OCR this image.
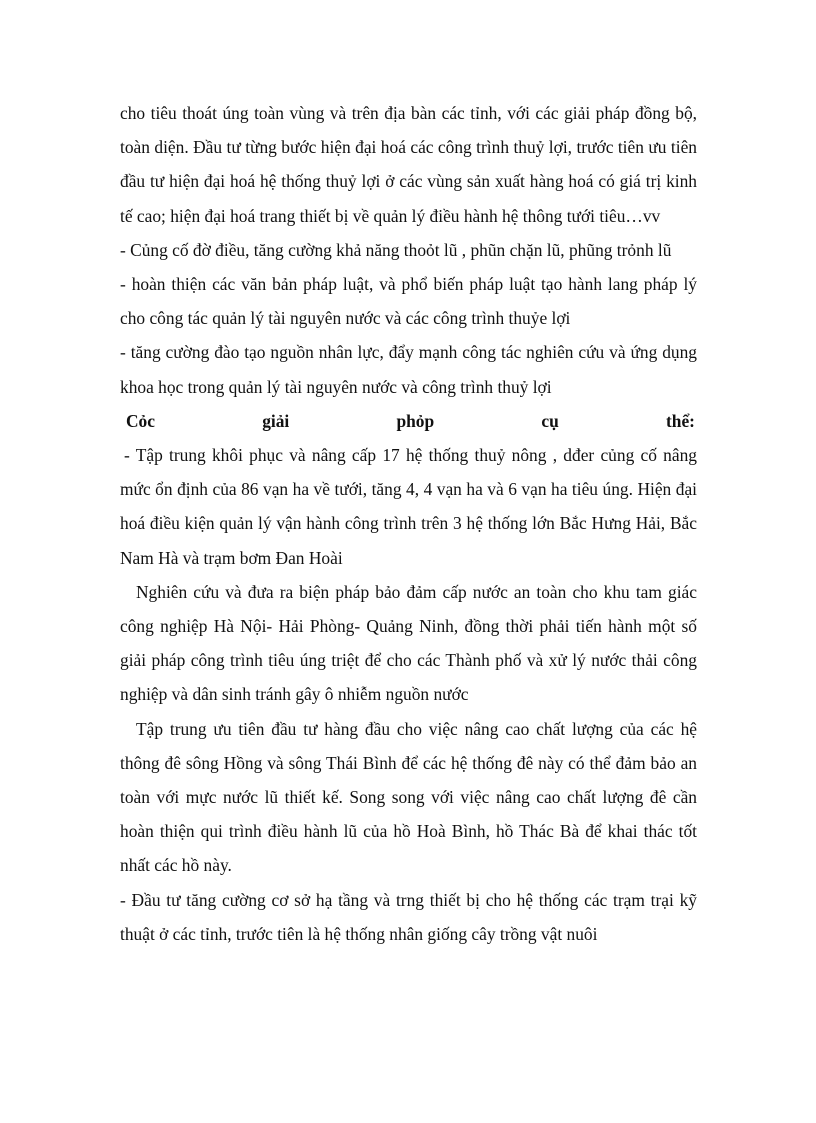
cho tiêu thoát úng toàn vùng và trên địa bàn các tỉnh, với các giải pháp đồng bộ, toàn diện. Đầu tư từng bước hiện đại hoá các công trình thuỷ lợi, trước tiên ưu tiên đầu tư hiện đại hoá hệ thống thuỷ lợi ở các vùng sản xuất hàng hoá có giá trị kinh tế cao; hiện đại hoá trang thiết bị về quản lý điều hành hệ thông tưới tiêu…vv

- Củng cố đờ điều, tăng cường khả năng thoỏt lũ , phũn chặn lũ, phũng trỏnh lũ

- hoàn thiện các văn bản pháp luật, và phổ biến pháp luật tạo hành lang pháp lý cho công tác quản lý tài nguyên nước và các công trình thuỷe lợi

- tăng cường đào tạo nguồn nhân lực, đẩy mạnh công tác nghiên cứu và ứng dụng khoa học trong quản lý tài nguyên nước và công trình thuỷ lợi

Cỏc	giải	phỏp	cụ	thể:

- Tập trung khôi phục và nâng cấp 17 hệ thống thuỷ nông , dđer củng cố nâng mức ổn định của 86 vạn ha về tưới, tăng 4, 4 vạn ha và 6 vạn ha tiêu úng. Hiện đại hoá điều kiện quản lý vận hành công trình trên 3 hệ thống lớn Bắc Hưng Hải, Bắc Nam Hà và trạm bơm Đan Hoài

Nghiên cứu và đưa ra biện pháp bảo đảm cấp nước an toàn cho khu tam giác công nghiệp Hà Nội- Hải Phòng- Quảng Ninh, đồng thời phải tiến hành một số giải pháp công trình tiêu úng triệt để cho các Thành phố và xử lý nước thải công nghiệp và dân sinh tránh gây ô nhiễm nguồn nước

Tập trung ưu tiên đầu tư hàng đầu cho việc nâng cao chất lượng của các hệ thông đê sông Hồng và sông Thái Bình để các hệ thống đê này có thể đảm bảo an toàn với mực nước lũ thiết kế. Song song với việc nâng cao chất lượng đê cần hoàn thiện qui trình điều hành lũ của hồ Hoà Bình, hồ Thác Bà để khai thác tốt nhất các hồ này.

- Đầu tư tăng cường cơ sở hạ tầng và trng thiết bị cho hệ thống các trạm trại kỹ thuật ở các tỉnh, trước tiên là hệ thống nhân giống cây trồng vật nuôi
